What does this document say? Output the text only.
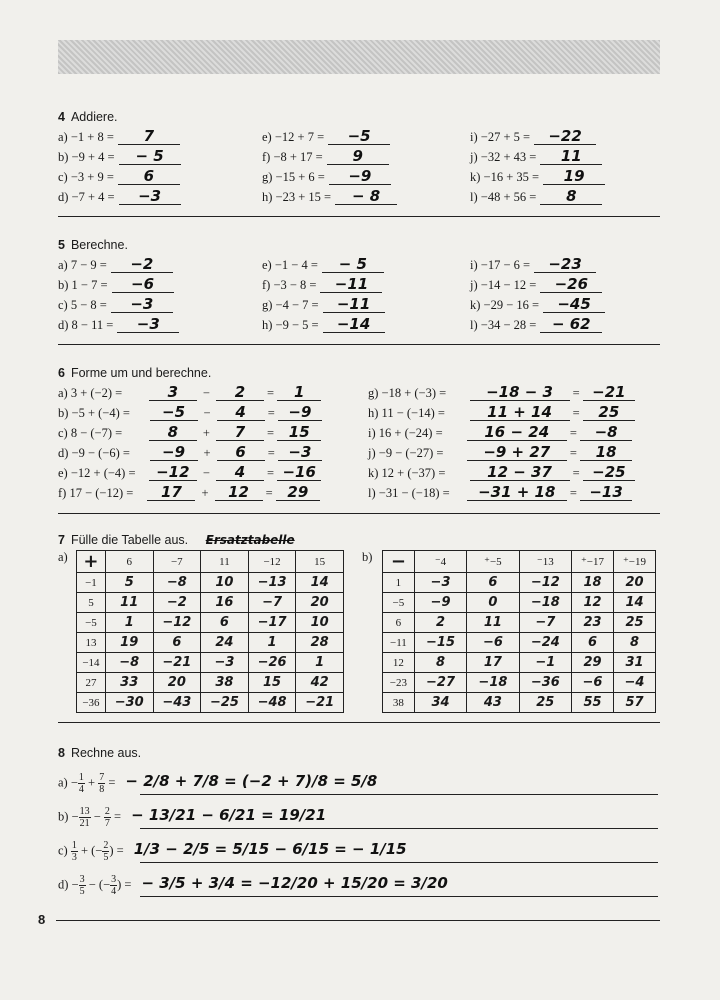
4 Addiere.
a) −1 + 8 = 7
b) −9 + 4 = − 5
c) −3 + 9 = 6
d) −7 + 4 = −3
e) −12 + 7 = −5
f) −8 + 17 = 9
g) −15 + 6 = −9
h) −23 + 15 = − 8
i) −27 + 5 = −22
j) −32 + 43 = 11
k) −16 + 35 = 19
l) −48 + 56 = 8
5 Berechne.
a) 7 − 9 = −2
b) 1 − 7 = −6
c) 5 − 8 = −3
d) 8 − 11 = −3
e) −1 − 4 = − 5
f) −3 − 8 = −11
g) −4 − 7 = −11
h) −9 − 5 = −14
i) −17 − 6 = −23
j) −14 − 12 = −26
k) −29 − 16 = −45
l) −34 − 28 = − 62
6 Forme um und berechne.
a) 3 + (−2) =	3 − 2 = 1
b) −5 + (−4) = −5 − 4 = −9
c) 8 − (−7) =	8 + 7 = 15
d) −9 − (−6) = −9 + 6 = −3
e) −12 + (−4) = −12 − 4 = −16
f) 17 − (−12) = 17 + 12 = 29
g) −18 + (−3) =	−18 − 3 = −21
h) 11 − (−14) =	11 + 14 = 25
i) 16 + (−24) =	16 − 24 = −8
j) −9 − (−27) =	−9 + 27 = 18
k) 12 + (−37) =	12 − 37 = −25
l) −31 − (−18) = −31 + 18 = −13
7 Fülle die Tabelle aus. Ersatztabelle
a)	b)
+	6	−7	11	−12	15
−1	5	−8	10	−13	14
5	11	−2	16	−7	20
−5	1	−12	6	−17	10
13	19	6	24	1	28
−14	−8	−21	−3	−26	1
27	33	20	38	15	42
−36	−30	−43	−25	−48	−21
−	⁻4	⁺−5	⁻13	⁺−17	⁺−19
1	−3	6	−12	18	20
−5	−9	0	−18	12	14
6	2	11	−7	23	25
−11	−15	−6	−24	6	8
12	8	17	−1	29	31
−23	−27	−18	−36	−6	−4
38	34	43	25	55	57
8 Rechne aus.
$a) - \frac{1}{4} + \frac{7}{8}$ = − 2/8 + 7/8 = (−2 + 7)/8 = 5/8
$b) - \frac{13}{21} - \frac{2}{7}$ = − 13/21 − 6/21 = 19/21
$c) \frac{1}{3}$ + (− $\frac{2}{5}$ ) = 1/3 − 2/5 = 5/15 − 6/15 = − 1/15
$d) - \frac{3}{5}$ − (− $\frac{3}{4}$ ) = − 3/5 + 3/4 = −12/20 + 15/20 = 3/20
8
